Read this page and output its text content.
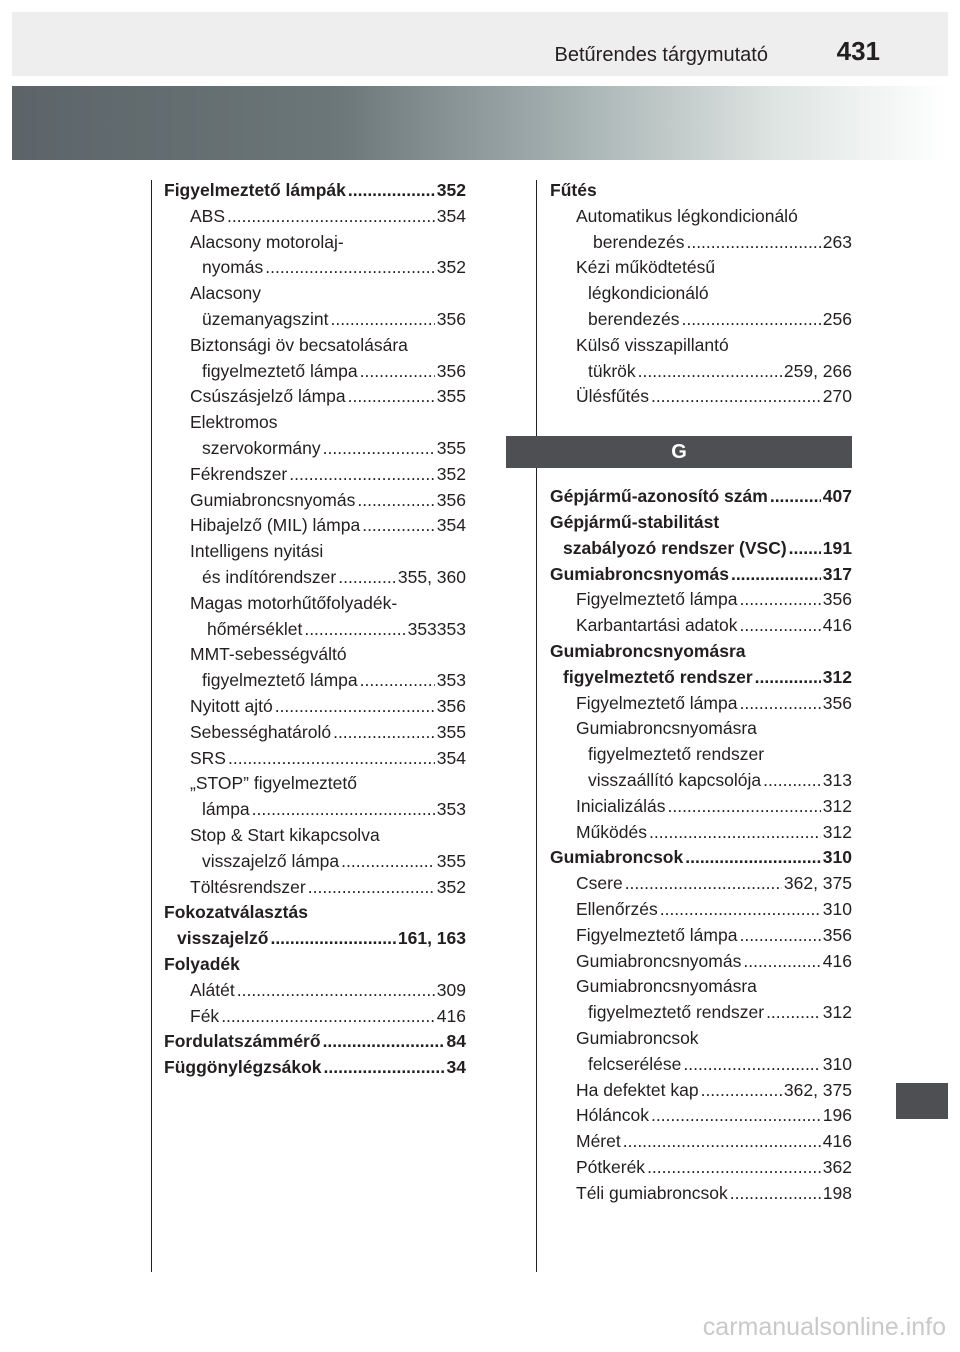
Betűrendes tárgymutató	431
Figyelmeztető lámpák .....	352
ABS .....	354
Alacsony motorolaj-
nyomás .....	352
Alacsony
üzemanyagszint .....	356
Biztonsági öv becsatolására
figyelmeztető lámpa .....	356
Csúszásjelző lámpa .....	355
Elektromos
szervokormány .....	355
Fékrendszer .....	352
Gumiabroncsnyomás .....	356
Hibajelző (MIL) lámpa .....	354
Intelligens nyitási
és indítórendszer .....	355, 360
Magas motorhűtőfolyadék-
hőmérséklet .....	353353
MMT-sebességváltó
figyelmeztető lámpa .....	353
Nyitott ajtó .....	356
Sebességhatároló .....	355
SRS .....	354
„STOP” figyelmeztető
lámpa .....	353
Stop & Start kikapcsolva
visszajelző lámpa .....	355
Töltésrendszer .....	352
Fokozatválasztás
visszajelző .....	161, 163
Folyadék
Alátét .....	309
Fék .....	416
Fordulatszámmérő .....	84
Függönylégzsákok .....	34
Fűtés
Automatikus légkondicionáló
berendezés .....	263
Kézi működtetésű
légkondicionáló
berendezés .....	256
Külső visszapillantó
tükrök .....	259, 266
Ülésfűtés .....	270
G
Gépjármű-azonosító szám .....	407
Gépjármű-stabilitást
szabályozó rendszer (VSC) ..... 191
Gumiabroncsnyomás .....	317
Figyelmeztető lámpa .....	356
Karbantartási adatok .....	416
Gumiabroncsnyomásra
figyelmeztető rendszer .....	312
Figyelmeztető lámpa .....	356
Gumiabroncsnyomásra
figyelmeztető rendszer
visszaállító kapcsolója .....	313
Inicializálás .....	312
Működés .....	312
Gumiabroncsok .....	310
Csere .....	362, 375
Ellenőrzés .....	310
Figyelmeztető lámpa .....	356
Gumiabroncsnyomás .....	416
Gumiabroncsnyomásra
figyelmeztető rendszer .....	312
Gumiabroncsok
felcserélése .....	310
Ha defektet kap .....	362, 375
Hóláncok .....	196
Méret .....	416
Pótkerék .....	362
Téli gumiabroncsok .....	198
carmanualsonline.info
